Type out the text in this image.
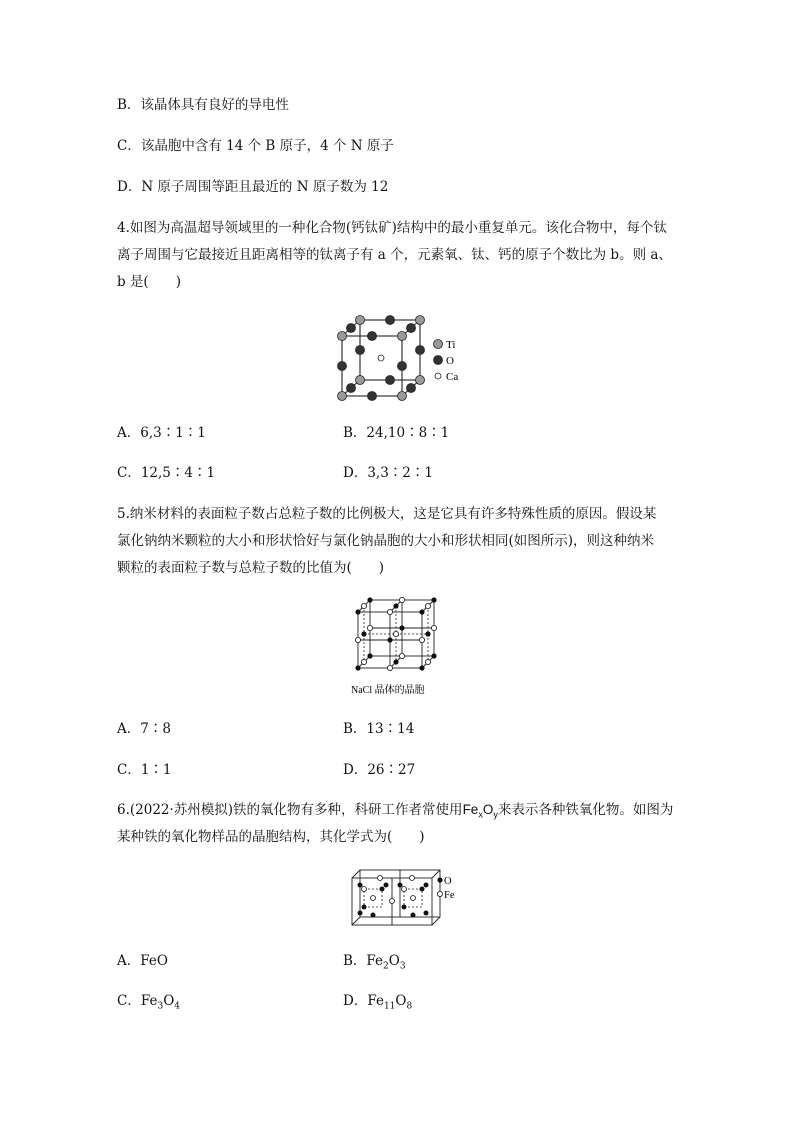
B．该晶体具有良好的导电性
C．该晶胞中含有 14 个 B 原子，4 个 N 原子
D．N 原子周围等距且最近的 N 原子数为 12
4.如图为高温超导领域里的一种化合物(钙钛矿)结构中的最小重复单元。该化合物中，每个钛
离子周围与它最接近且距离相等的钛离子有 a 个，元素氧、钛、钙的原子个数比为 b。则 a、
b 是(　　)
Ti
O
Ca
A．6,3∶1∶1	B．24,10∶8∶1
C．12,5∶4∶1	D．3,3∶2∶1
5.纳米材料的表面粒子数占总粒子数的比例极大，这是它具有许多特殊性质的原因。假设某
氯化钠纳米颗粒的大小和形状恰好与氯化钠晶胞的大小和形状相同(如图所示)，则这种纳米
颗粒的表面粒子数与总粒子数的比值为(　　)
NaCl 晶体的晶胞
A．7∶8	B．13∶14
C．1∶1	D．26∶27
6.(2022·苏州模拟)铁的氧化物有多种，科研工作者常使用$Fe_xO_y$来表示各种铁氧化物。如图为
某种铁的氧化物样品的晶胞结构，其化学式为(　　)
O
Fe
A．FeO	B．$Fe_2O_3$
C．$Fe_3O_4$	D．$Fe_{11}O_8$
